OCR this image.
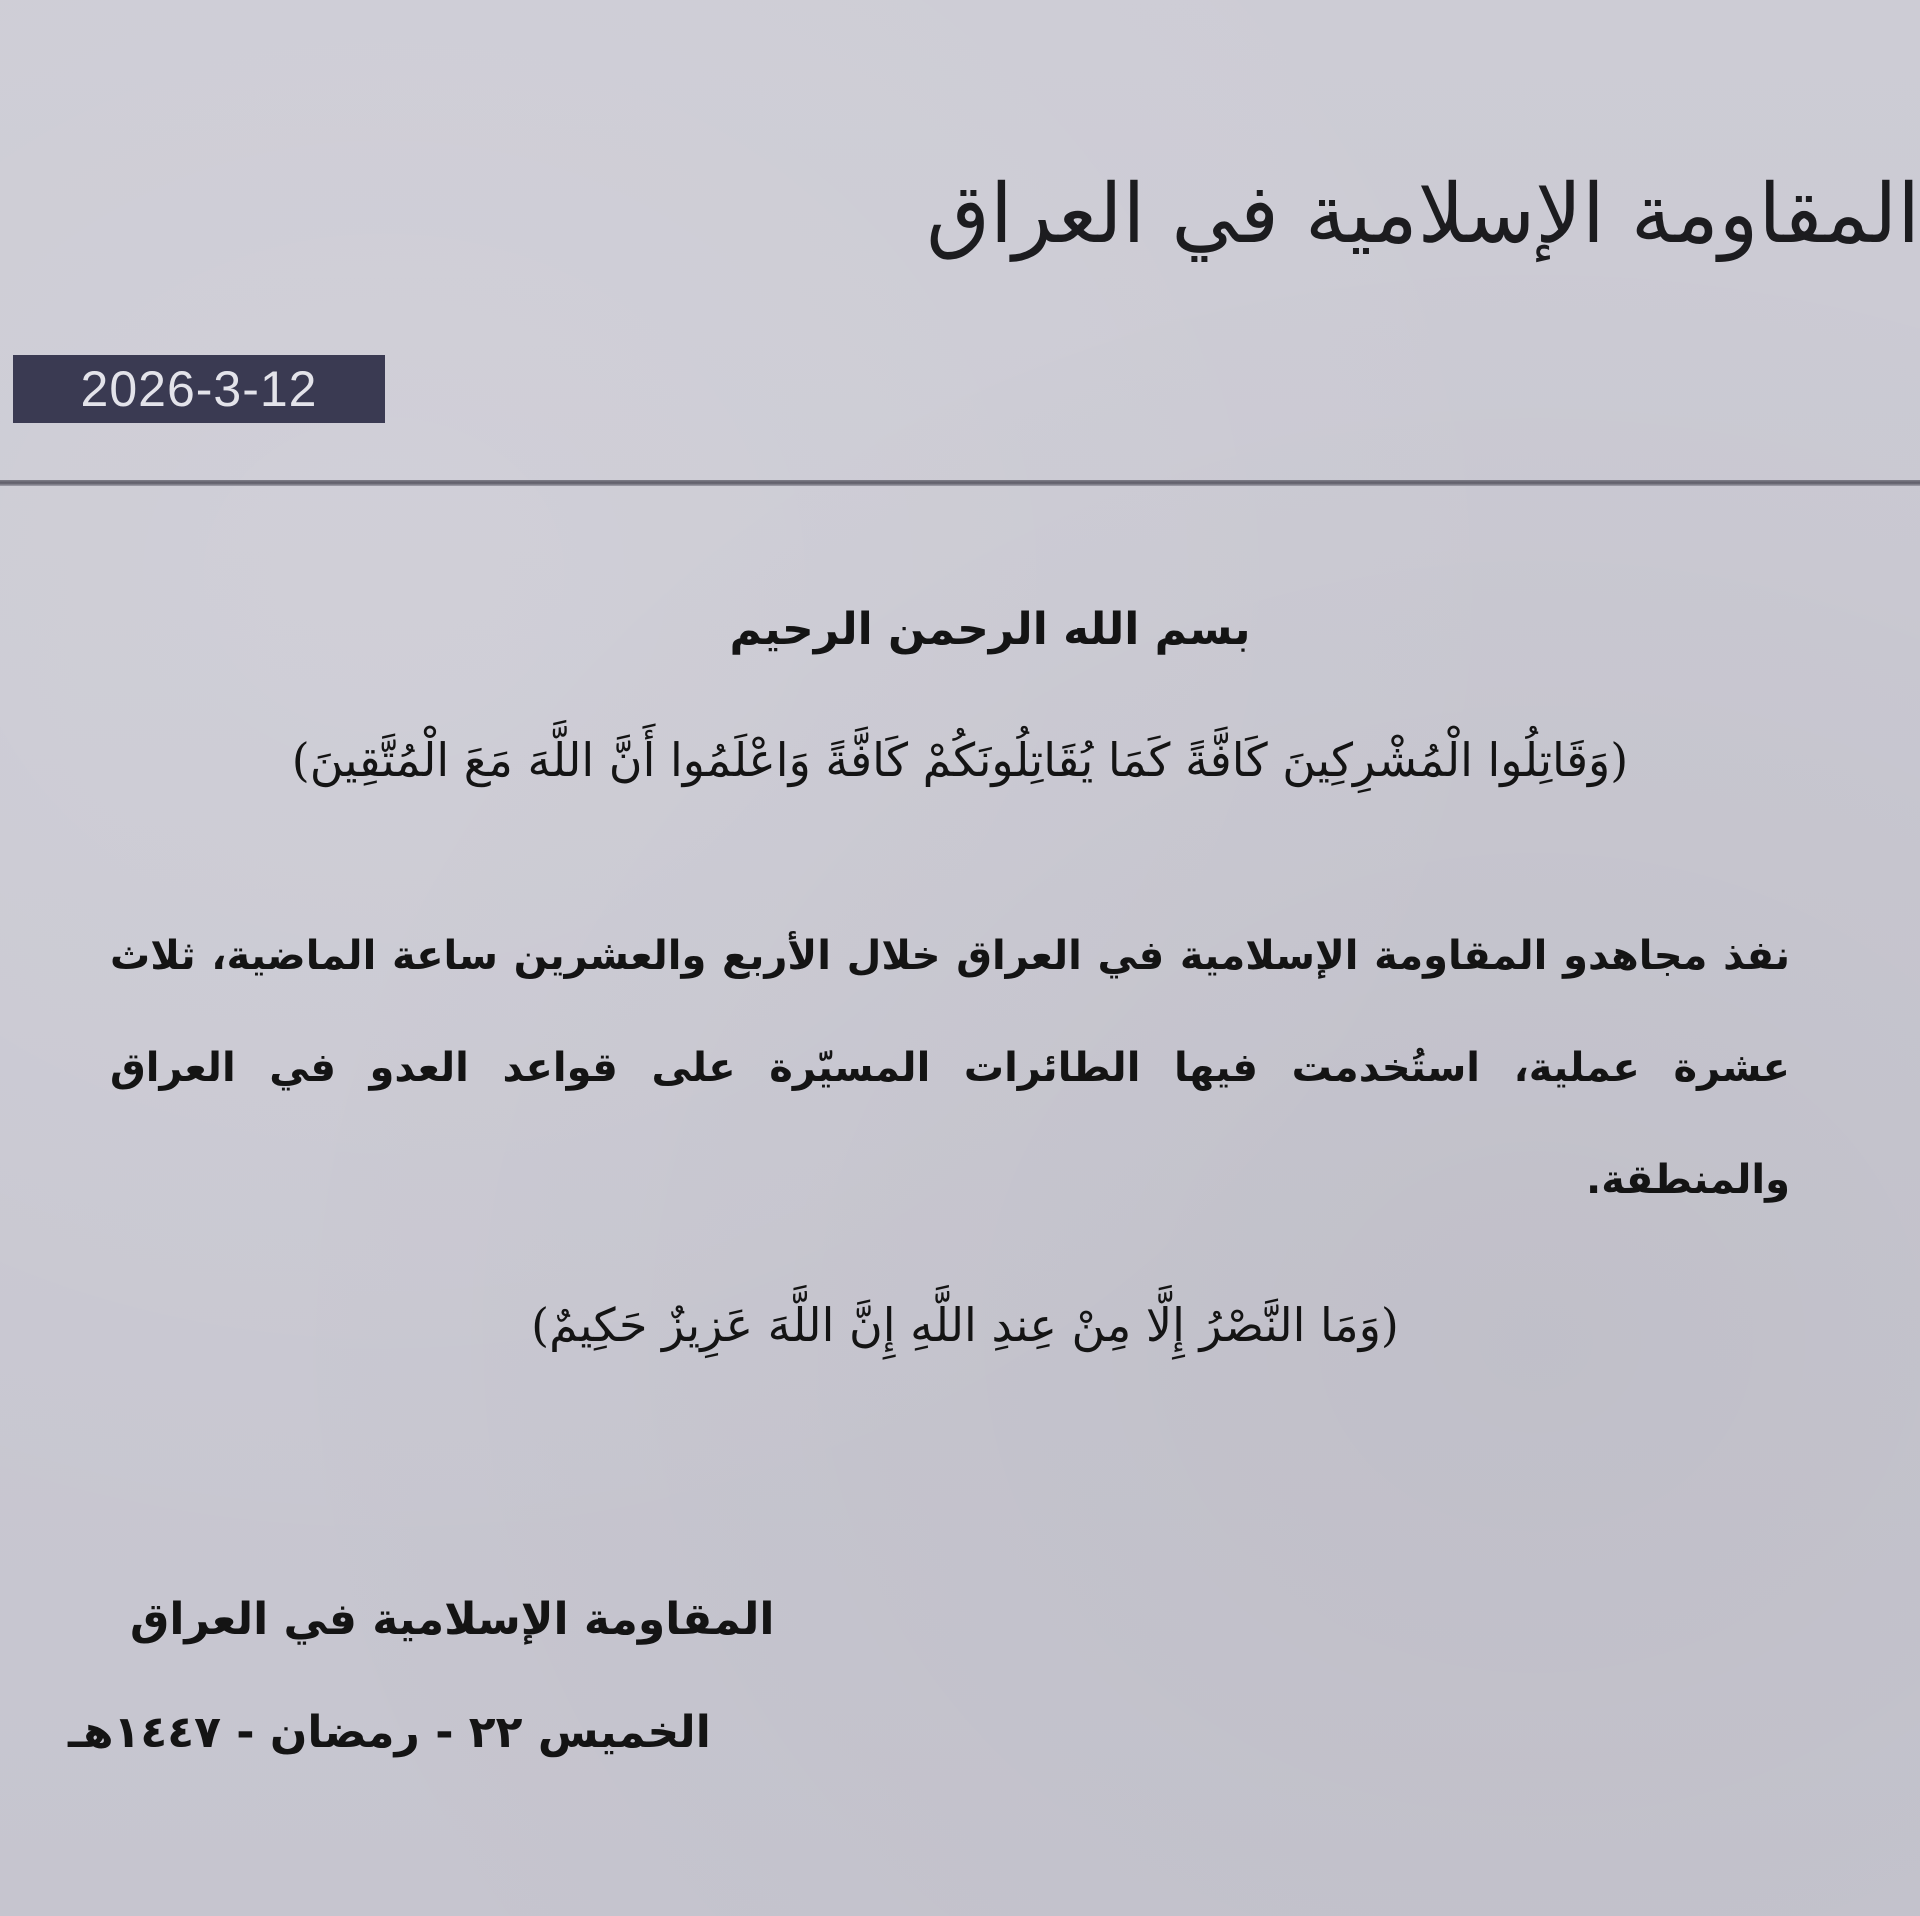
المقاومة الإسلامية في العراق
2026-3-12
بسم الله الرحمن الرحيم
(وَقَاتِلُوا الْمُشْرِكِينَ كَافَّةً كَمَا يُقَاتِلُونَكُمْ كَافَّةً وَاعْلَمُوا أَنَّ اللَّهَ مَعَ الْمُتَّقِينَ)
نفذ مجاهدو المقاومة الإسلامية في العراق خلال الأربع والعشرين ساعة الماضية، ثلاث عشرة عملية، استُخدمت فيها الطائرات المسيّرة على قواعد العدو في العراق والمنطقة.
(وَمَا النَّصْرُ إِلَّا مِنْ عِندِ اللَّهِ إِنَّ اللَّهَ عَزِيزٌ حَكِيمٌ)
المقاومة الإسلامية في العراق
الخميس ٢٢ - رمضان - ١٤٤٧هـ
